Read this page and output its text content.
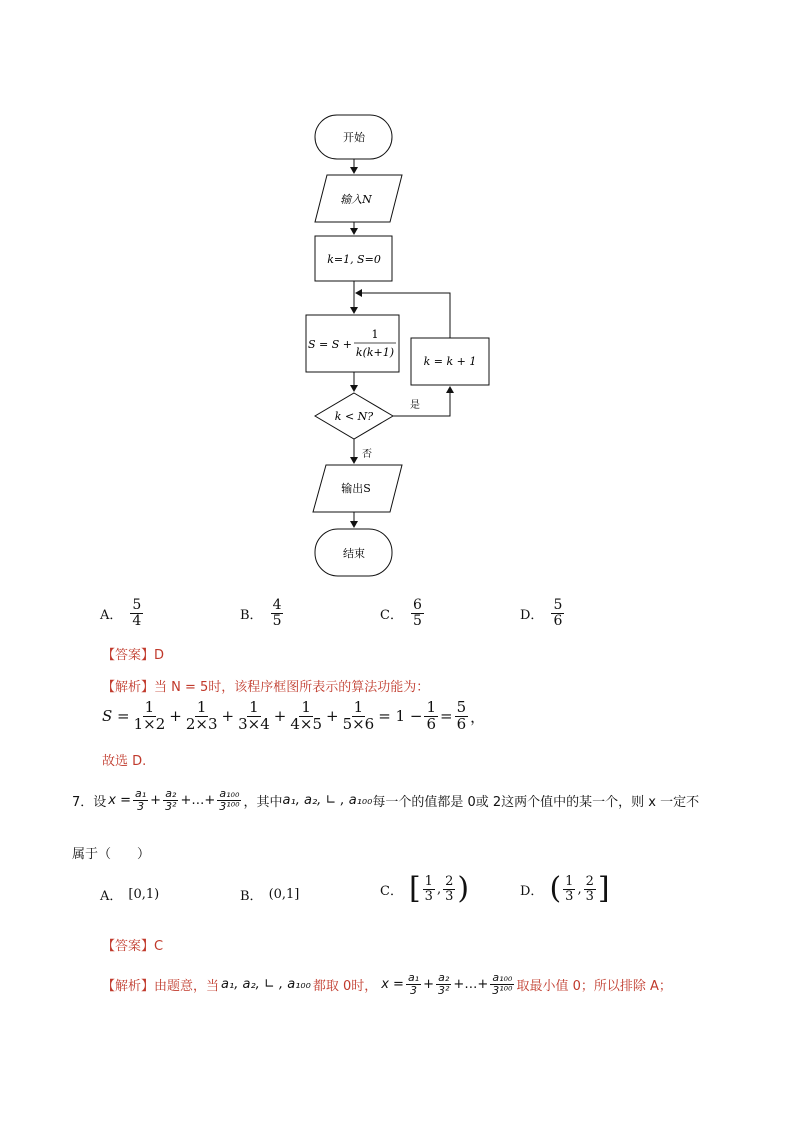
开始
输入N
k=1, S=0
S = S +
1
k(k+1)
k = k + 1
k < N?
是
否
输出S
结束
A． $\frac{5}{4}$	B． $\frac{4}{5}$	C． $\frac{6}{5}$	D． $\frac{5}{6}$
【答案】D
【解析】当 N = 5时，该程序框图所表示的算法功能为：
$S = \frac{1}{1\times 2} + \frac{1}{2\times 3} + \frac{1}{3\times 4} + \frac{1}{4\times 5} + \frac{1}{5\times 6} = 1 - \frac{1}{6} = \frac{5}{6}$ ，
故选 D.
7．设 $x = \frac{\text{a₁}}{3} + \frac{\text{a₂}}{\text{3²}}$ +…+ $\frac{\text{a₁₀₀}}{\text{3¹⁰⁰}}$ ，其中 a₁, a₂, ∟ , a₁₀₀ 每一个的值都是 0或 2这两个值中的某一个，则 x 一定不
属于（　　）
A． [0,1)	B． (0,1]	C． [ $\frac{1}{3}$ , $\frac{2}{3}$ )	D． ( $\frac{1}{3}$ , $\frac{2}{3}$ ]
【答案】C
【解析】 由题意，当 a₁, a₂, ∟ , a₁₀₀ 都取 0时， $x = \frac{\text{a₁}}{3} + \frac{\text{a₂}}{\text{3²}}$ +…+ $\frac{\text{a₁₀₀}}{\text{3¹⁰⁰}}$ 取最小值 0；所以排除 A；
